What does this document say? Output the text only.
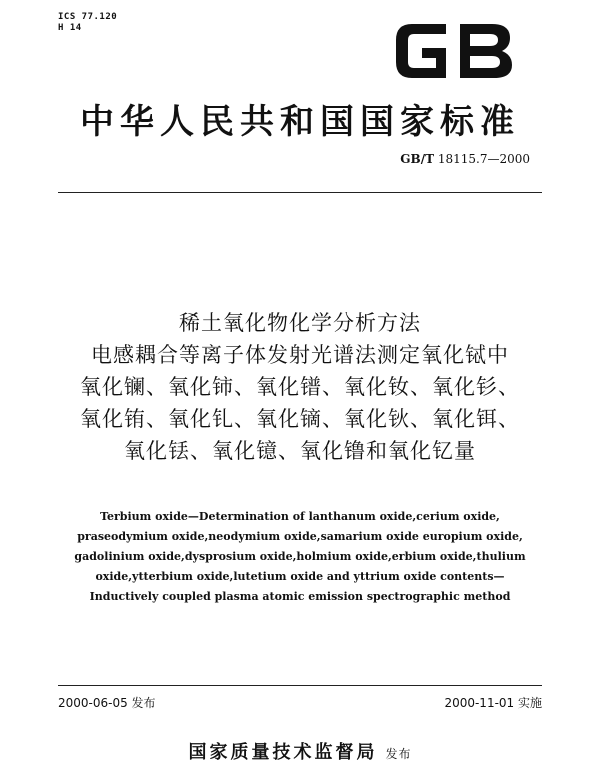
ICS 77.120
H 14
中华人民共和国国家标准
GB/T 18115.7—2000
稀土氧化物化学分析方法
电感耦合等离子体发射光谱法测定氧化铽中
氧化镧、氧化铈、氧化镨、氧化钕、氧化钐、
氧化铕、氧化钆、氧化镝、氧化钬、氧化铒、
氧化铥、氧化镱、氧化镥和氧化钇量
Terbium oxide—Determination of lanthanum oxide,cerium oxide,
praseodymium oxide,neodymium oxide,samarium oxide europium oxide,
gadolinium oxide,dysprosium oxide,holmium oxide,erbium oxide,thulium
oxide,ytterbium oxide,lutetium oxide and yttrium oxide contents—
Inductively coupled plasma atomic emission spectrographic method
2000-06-05 发布	2000-11-01 实施
国家质量技术监督局 发布
